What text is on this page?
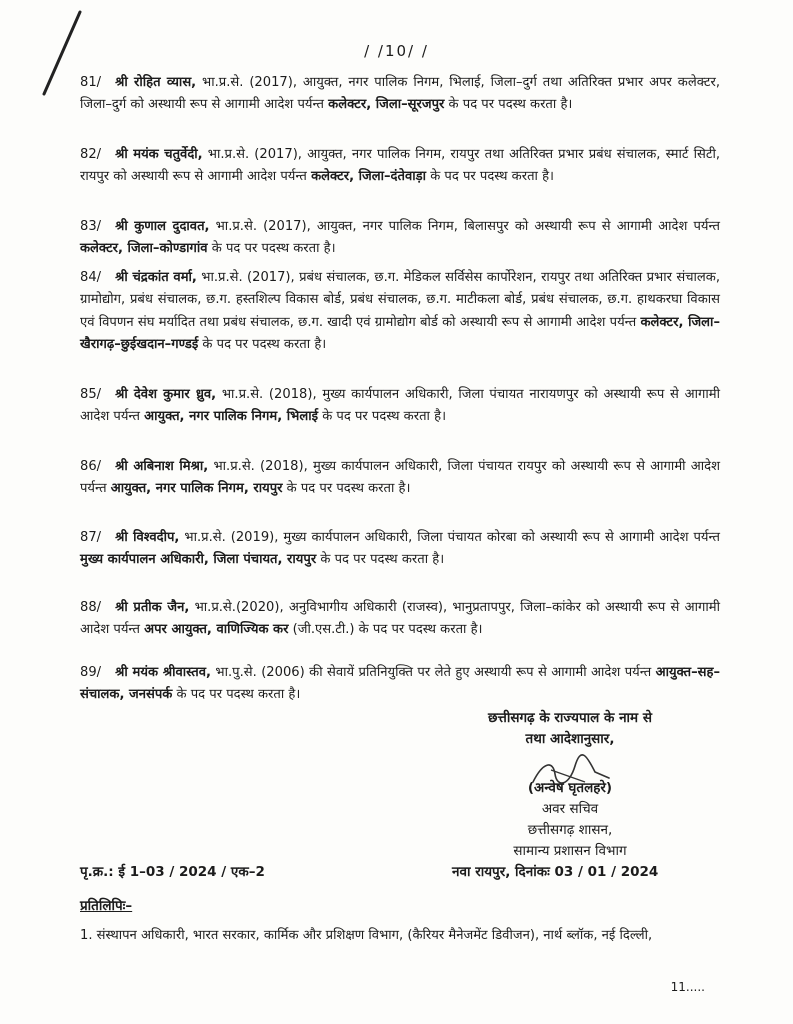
/ /10/ /
81/ श्री रोहित व्यास, भा.प्र.से. (2017), आयुक्त, नगर पालिक निगम, भिलाई, जिला–दुर्ग तथा अतिरिक्त प्रभार अपर कलेक्टर, जिला–दुर्ग को अस्थायी रूप से आगामी आदेश पर्यन्त कलेक्टर, जिला–सूरजपुर के पद पर पदस्थ करता है।
82/ श्री मयंक चतुर्वेदी, भा.प्र.से. (2017), आयुक्त, नगर पालिक निगम, रायपुर तथा अतिरिक्त प्रभार प्रबंध संचालक, स्मार्ट सिटी, रायपुर को अस्थायी रूप से आगामी आदेश पर्यन्त कलेक्टर, जिला–दंतेवाड़ा के पद पर पदस्थ करता है।
83/ श्री कुणाल दुदावत, भा.प्र.से. (2017), आयुक्त, नगर पालिक निगम, बिलासपुर को अस्थायी रूप से आगामी आदेश पर्यन्त कलेक्टर, जिला–कोण्डागांव के पद पर पदस्थ करता है।
84/ श्री चंद्रकांत वर्मा, भा.प्र.से. (2017), प्रबंध संचालक, छ.ग. मेडिकल सर्विसेस कार्पोरेशन, रायपुर तथा अतिरिक्त प्रभार संचालक, ग्रामोद्योग, प्रबंध संचालक, छ.ग. हस्तशिल्प विकास बोर्ड, प्रबंध संचालक, छ.ग. माटीकला बोर्ड, प्रबंध संचालक, छ.ग. हाथकरघा विकास एवं विपणन संघ मर्यादित तथा प्रबंध संचालक, छ.ग. खादी एवं ग्रामोद्योग बोर्ड को अस्थायी रूप से आगामी आदेश पर्यन्त कलेक्टर, जिला–खैरागढ़–छुईखदान–गण्डई के पद पर पदस्थ करता है।
85/ श्री देवेश कुमार ध्रुव, भा.प्र.से. (2018), मुख्य कार्यपालन अधिकारी, जिला पंचायत नारायणपुर को अस्थायी रूप से आगामी आदेश पर्यन्त आयुक्त, नगर पालिक निगम, भिलाई के पद पर पदस्थ करता है।
86/ श्री अबिनाश मिश्रा, भा.प्र.से. (2018), मुख्य कार्यपालन अधिकारी, जिला पंचायत रायपुर को अस्थायी रूप से आगामी आदेश पर्यन्त आयुक्त, नगर पालिक निगम, रायपुर के पद पर पदस्थ करता है।
87/ श्री विश्वदीप, भा.प्र.से. (2019), मुख्य कार्यपालन अधिकारी, जिला पंचायत कोरबा को अस्थायी रूप से आगामी आदेश पर्यन्त मुख्य कार्यपालन अधिकारी, जिला पंचायत, रायपुर के पद पर पदस्थ करता है।
88/ श्री प्रतीक जैन, भा.प्र.से.(2020), अनुविभागीय अधिकारी (राजस्व), भानुप्रतापपुर, जिला–कांकेर को अस्थायी रूप से आगामी आदेश पर्यन्त अपर आयुक्त, वाणिज्यिक कर (जी.एस.टी.) के पद पर पदस्थ करता है।
89/ श्री मयंक श्रीवास्तव, भा.पु.से. (2006) की सेवायें प्रतिनियुक्ति पर लेते हुए अस्थायी रूप से आगामी आदेश पर्यन्त आयुक्त–सह–संचालक, जनसंपर्क के पद पर पदस्थ करता है।
छत्तीसगढ़ के राज्यपाल के नाम से
तथा आदेशानुसार,
(अन्वेष घृतलहरे)
अवर सचिव
छत्तीसगढ़ शासन,
सामान्य प्रशासन विभाग
पृ.क्र.: ई 1–03 / 2024 / एक–2	नवा रायपुर, दिनांकः 03 / 01 / 2024
प्रतिलिपिः–
1. संस्थापन अधिकारी, भारत सरकार, कार्मिक और प्रशिक्षण विभाग, (कैरियर मैनेजमेंट डिवीजन), नार्थ ब्लॉक, नई दिल्ली,
11.....
